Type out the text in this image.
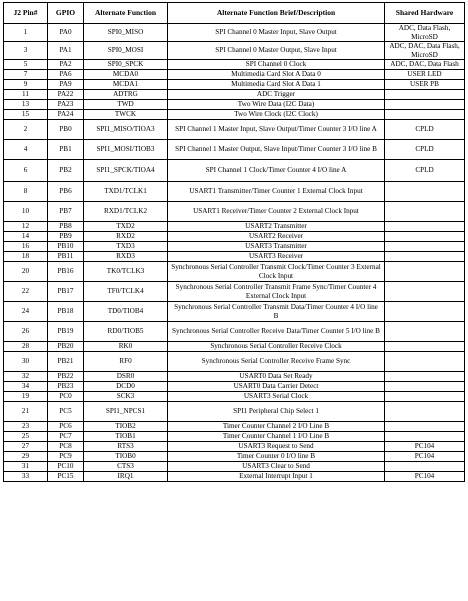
J2 Pin#	GPIO	Alternate Function	Alternate Function Brief/Description	Shared Hardware
1	PA0	SPI0_MISO	SPI Channel 0 Master Input, Slave Output	ADC, Data Flash, MicroSD
3	PA1	SPI0_MOSI	SPI Channel 0 Master Output, Slave Input	ADC, DAC, Data Flash, MicroSD
5	PA2	SPI0_SPCK	SPI Channel 0 Clock	ADC, DAC, Data Flash
7	PA6	MCDA0	Multimedia Card Slot A Data 0	USER LED
9	PA9	MCDA1	Multimedia Card Slot A Data 1	USER PB
11	PA22	ADTRG	ADC Trigger	
13	PA23	TWD	Two Wire Data (I2C Data)	
15	PA24	TWCK	Two Wire Clock (I2C Clock)	
2	PB0	SPI1_MISO/TIOA3	SPI Channel 1 Master Input, Slave Output/Timer Counter 3 I/O line A	CPLD
4	PB1	SPI1_MOSI/TIOB3	SPI Channel 1 Master Output, Slave Input/Timer Counter 3 I/O line B	CPLD
6	PB2	SPI1_SPCK/TIOA4	SPI Channel 1 Clock/Timer Counter 4 I/O line A	CPLD
8	PB6	TXD1/TCLK1	USART1 Transmitter/Timer Counter 1 External Clock Input	
10	PB7	RXD1/TCLK2	USART1 Receiver/Timer Counter 2 External Clock Input	
12	PB8	TXD2	USART2 Transmitter	
14	PB9	RXD2	USART2 Receiver	
16	PB10	TXD3	USART3 Transmitter	
18	PB11	RXD3	USART3 Receiver	
20	PB16	TK0/TCLK3	Synchronous Serial Controller Transmit Clock/Timer Counter 3 External Clock Input	
22	PB17	TF0/TCLK4	Synchronous Serial Controller Transmit Frame Sync/Timer Counter 4 External Clock Input	
24	PB18	TD0/TIOB4	Synchronous Serial Controller Transmit Data/Timer Counter 4 I/O line B	
26	PB19	RD0/TIOB5	Synchronous Serial Controller Receive Data/Timer Counter 5 I/O line B	
28	PB20	RK0	Synchronous Serial Controller Receive Clock	
30	PB21	RF0	Synchronous Serial Controller Receive Frame Sync	
32	PB22	DSR0	USART0 Data Set Ready	
34	PB23	DCD0	USART0 Data Carrier Detect	
19	PC0	SCK3	USART3 Serial Clock	
21	PC5	SPI1_NPCS1	SPI1 Peripheral Chip Select 1	
23	PC6	TIOB2	Timer Counter Channel 2 I/O Line B	
25	PC7	TIOB1	Timer Counter Channel 1 I/O Line B	
27	PC8	RTS3	USART3 Request to Send	PC104
29	PC9	TIOB0	Timer Counter 0 I/O line B	PC104
31	PC10	CTS3	USART3 Clear to Send	
33	PC15	IRQ1	External Interrupt Input 1	PC104
